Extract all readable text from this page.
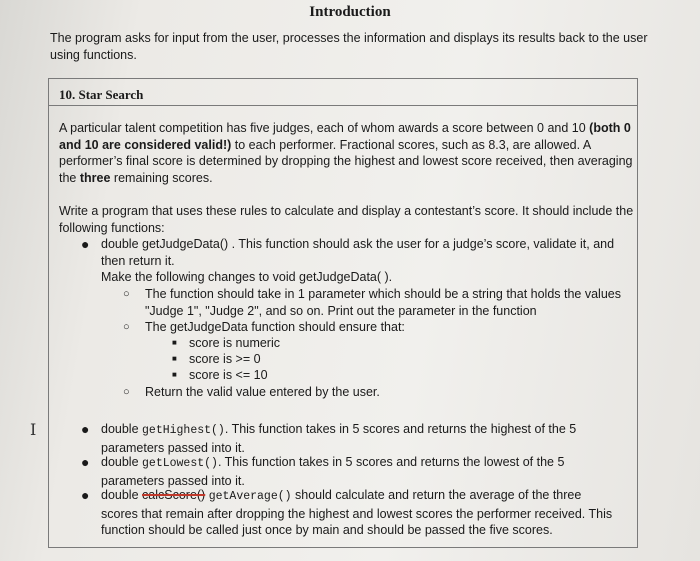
Introduction
The program asks for input from the user, processes the information and displays its results back to the user using functions.
10. Star Search
A particular talent competition has five judges, each of whom awards a score between 0 and 10 (both 0 and 10 are considered valid!) to each performer. Fractional scores, such as 8.3, are allowed. A performer’s final score is determined by dropping the highest and lowest score received, then averaging the three remaining scores.
Write a program that uses these rules to calculate and display a contestant’s score. It should include the following functions:
● double getJudgeData() . This function should ask the user for a judge’s score, validate it, and then return it.
Make the following changes to void getJudgeData( ).
○ The function should take in 1 parameter which should be a string that holds the values "Judge 1", "Judge 2", and so on. Print out the parameter in the function
○ The getJudgeData function should ensure that:
■ score is numeric
■ score is >= 0
■ score is <= 10
○ Return the valid value entered by the user.
● double getHighest(). This function takes in 5 scores and returns the highest of the 5 parameters passed into it.
● double getLowest(). This function takes in 5 scores and returns the lowest of the 5 parameters passed into it.
● double calcScore() getAverage() should calculate and return the average of the three scores that remain after dropping the highest and lowest scores the performer received. This function should be called just once by main and should be passed the five scores.
I
